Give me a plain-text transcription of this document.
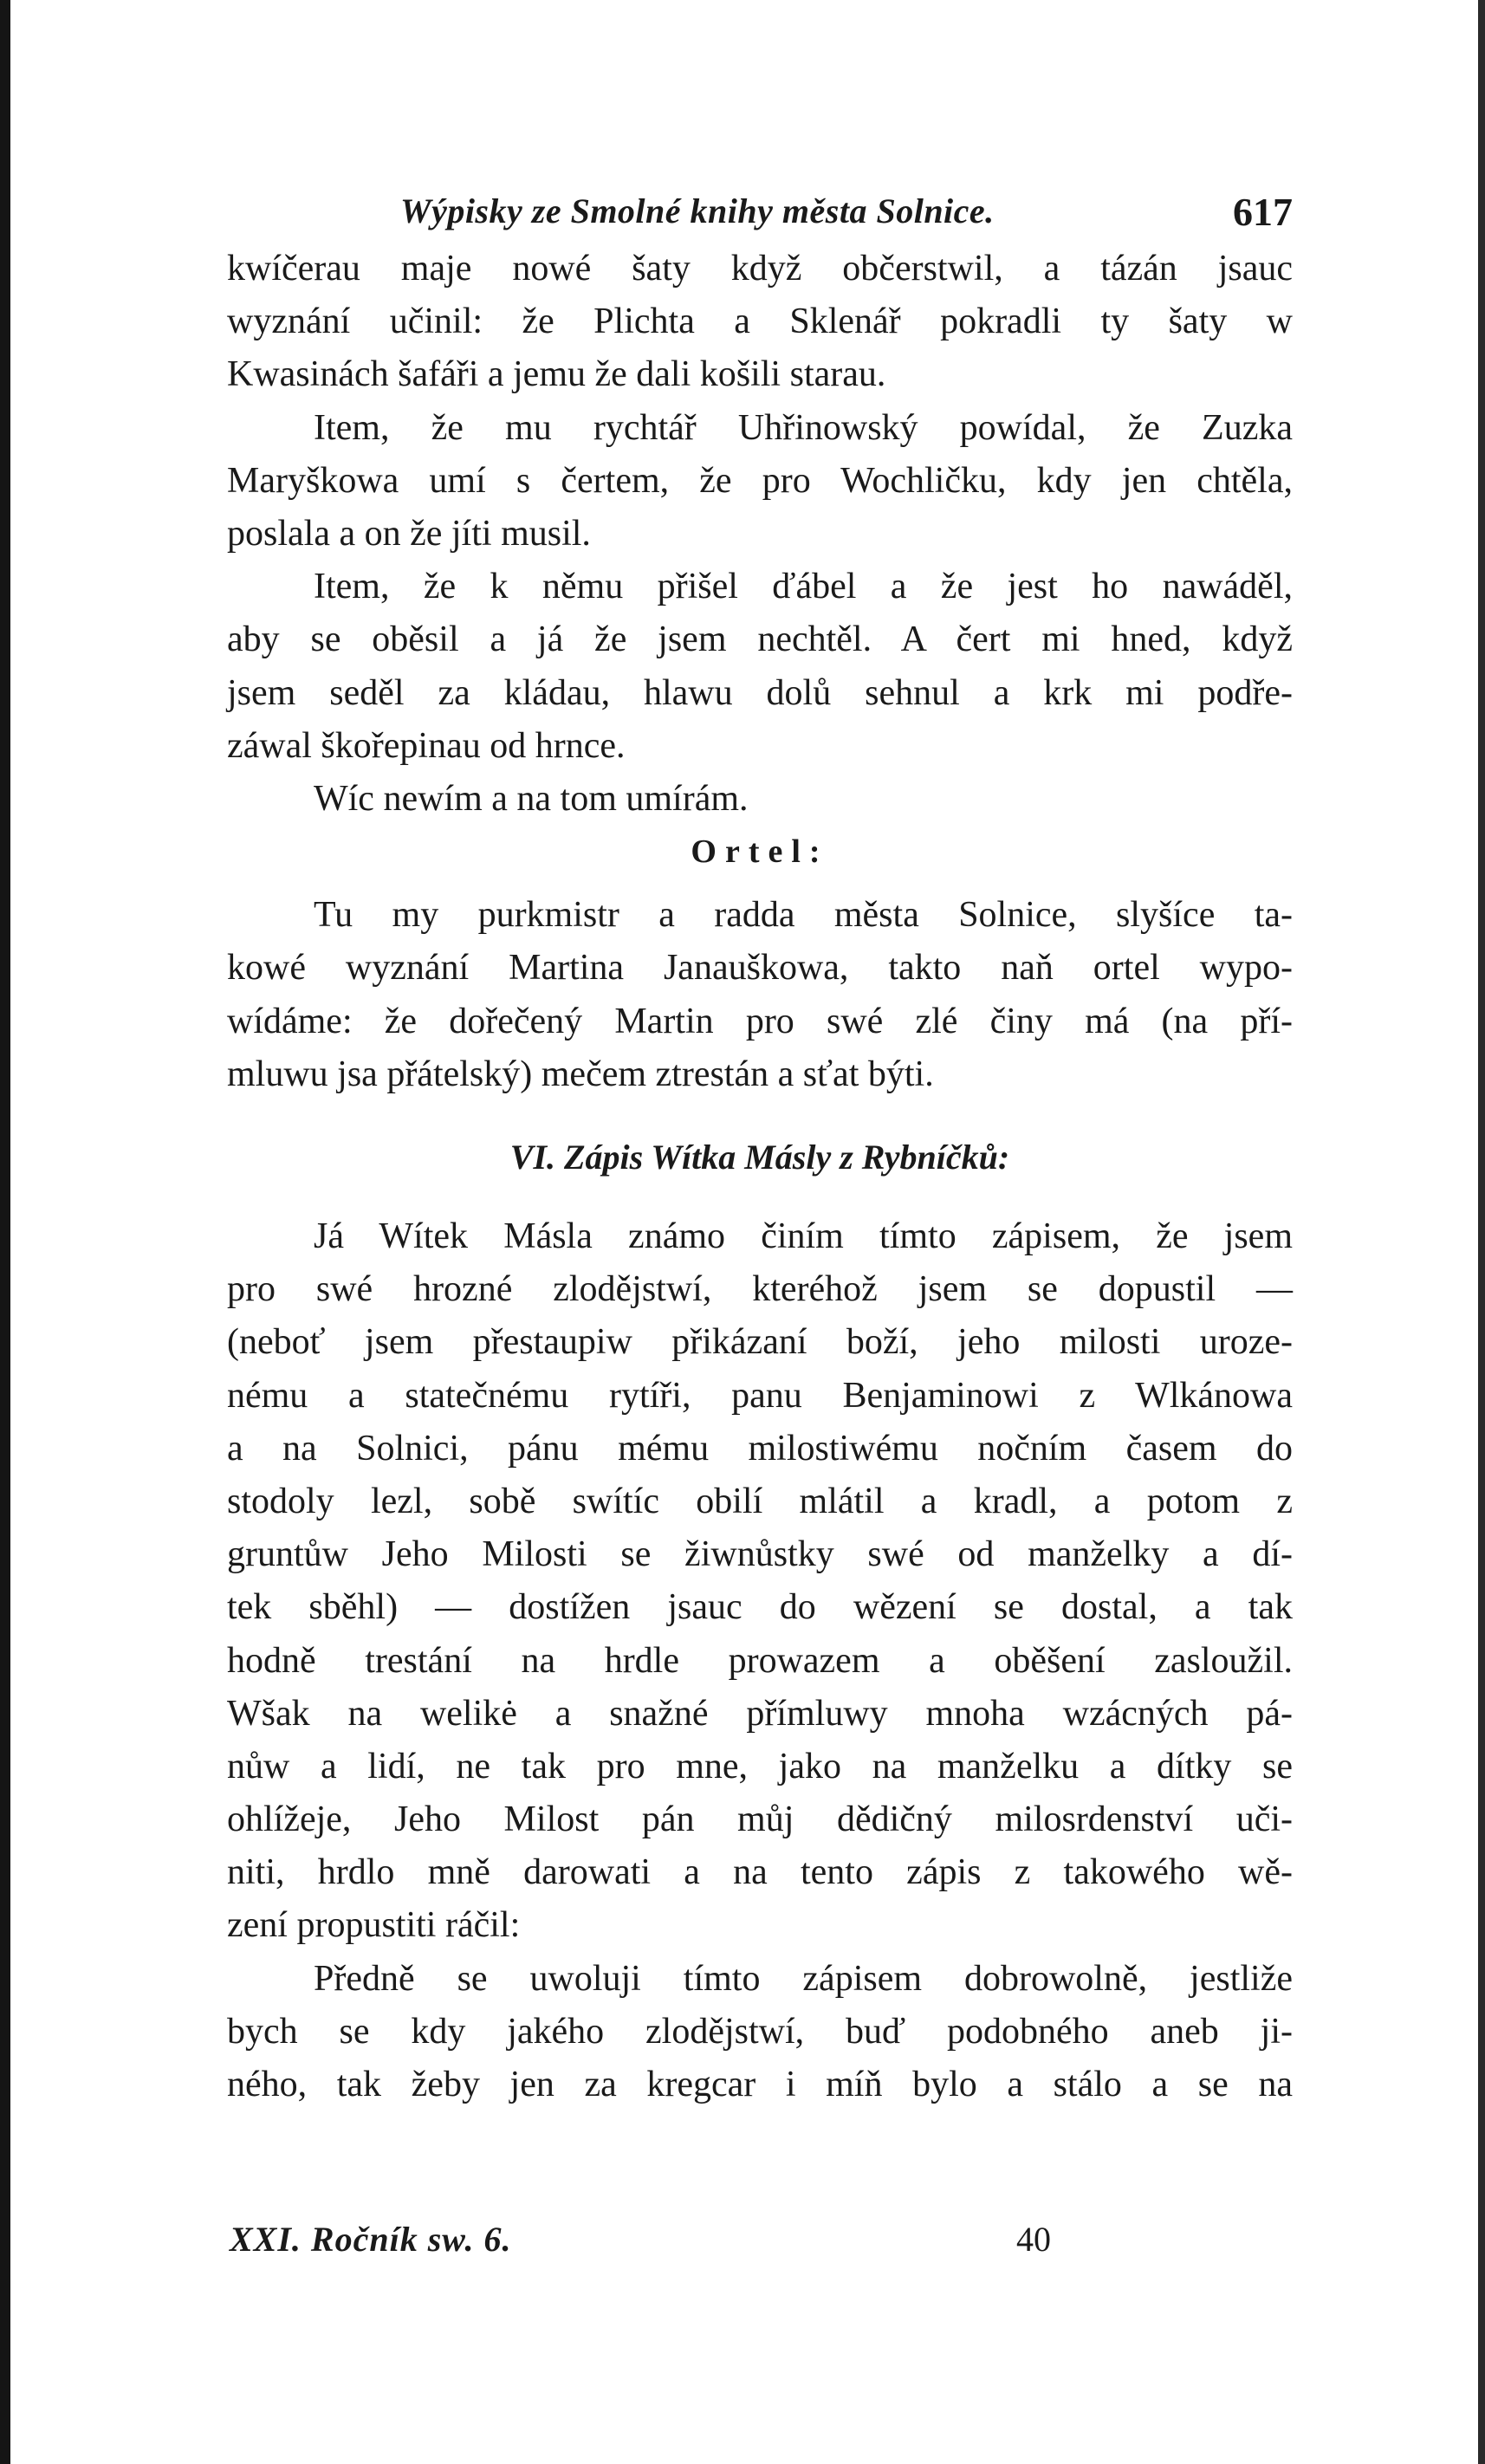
Wýpisky ze Smolné knihy města Solnice.	617
kwíčerau maje nowé šaty když občerstwil, a tázán jsauc
wyznání učinil: že Plichta a Sklenář pokradli ty šaty w
Kwasinách šafáři a jemu že dali košili starau.
Item, že mu rychtář Uhřinowský powídal, že Zuzka
Maryškowa umí s čertem, že pro Wochličku, kdy jen chtěla,
poslala a on že jíti musil.
Item, že k němu přišel ďábel a že jest ho nawáděl,
aby se oběsil a já že jsem nechtěl. A čert mi hned, když
jsem seděl za kládau, hlawu dolů sehnul a krk mi podře-
záwal škořepinau od hrnce.
Wíc newím a na tom umírám.
Ortel:
Tu my purkmistr a radda města Solnice, slyšíce ta-
kowé wyznání Martina Janauškowa, takto naň ortel wypo-
wídáme: že dořečený Martin pro swé zlé činy má (na pří-
mluwu jsa přátelský) mečem ztrestán a sťat býti.
VI. Zápis Wítka Másly z Rybníčků:
Já Wítek Másla známo činím tímto zápisem, že jsem
pro swé hrozné zlodějstwí, kteréhož jsem se dopustil —
(neboť jsem přestaupiw přikázaní boží, jeho milosti uroze-
nému a statečnému rytíři, panu Benjaminowi z Wlkánowa
a na Solnici, pánu mému milostiwému nočním časem do
stodoly lezl, sobě swítíc obilí mlátil a kradl, a potom z
gruntůw Jeho Milosti se žiwnůstky swé od manželky a dí-
tek sběhl) — dostížen jsauc do wězení se dostal, a tak
hodně trestání na hrdle prowazem a oběšení zasloužil.
Wšak na welikė a snažné přímluwy mnoha wzácných pá-
nůw a lidí, ne tak pro mne, jako na manželku a dítky se
ohlížeje, Jeho Milost pán můj dědičný milosrdenství uči-
niti, hrdlo mně darowati a na tento zápis z takowého wě-
zení propustiti ráčil:
Předně se uwoluji tímto zápisem dobrowolně, jestliže
bych se kdy jakého zlodějstwí, buď podobného aneb ji-
ného, tak žeby jen za kregcar i míň bylo a stálo a se na
XXI. Ročník sw. 6.	40
